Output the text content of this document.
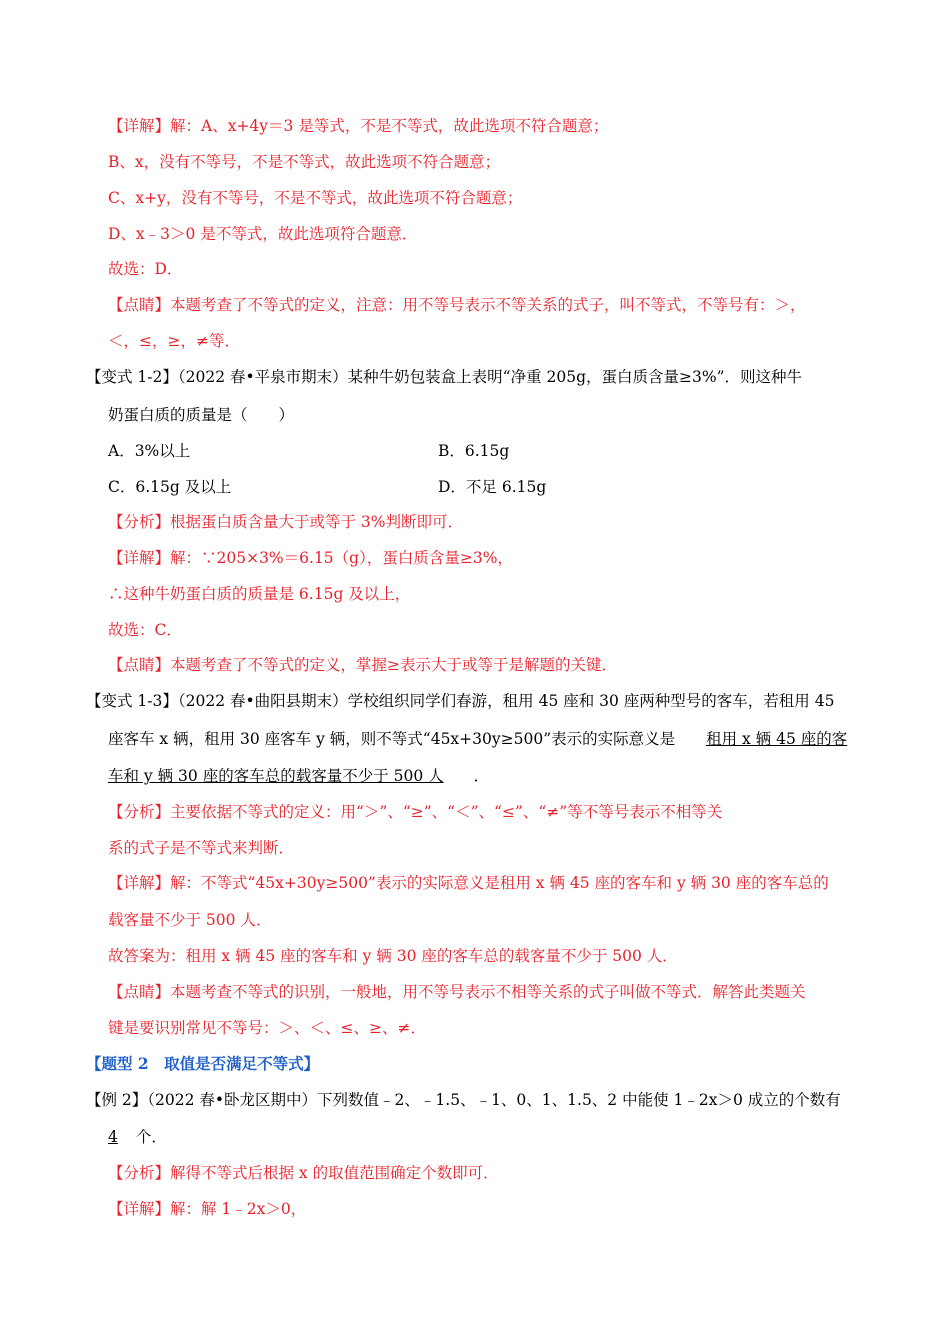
【详解】解：A、x+4y＝3 是等式，不是不等式，故此选项不符合题意；
B、x，没有不等号，不是不等式，故此选项不符合题意；
C、x+y，没有不等号，不是不等式，故此选项不符合题意；
D、x﹣3＞0 是不等式，故此选项符合题意．
故选：D．
【点睛】本题考查了不等式的定义，注意：用不等号表示不等关系的式子，叫不等式，不等号有：＞，
＜，≤，≥，≠等．
【变式 1-2】（2022 春•平泉市期末）某种牛奶包装盒上表明“净重 205g，蛋白质含量≥3%”．则这种牛
奶蛋白质的质量是（　　）
A．3%以上	B．6.15g
C．6.15g 及以上	D．不足 6.15g
【分析】根据蛋白质含量大于或等于 3%判断即可．
【详解】解：∵205×3%＝6.15（g），蛋白质含量≥3%，
∴这种牛奶蛋白质的质量是 6.15g 及以上，
故选：C．
【点睛】本题考查了不等式的定义，掌握≥表示大于或等于是解题的关键．
【变式 1-3】（2022 春•曲阳县期末）学校组织同学们春游，租用 45 座和 30 座两种型号的客车，若租用 45
座客车 x 辆，租用 30 座客车 y 辆，则不等式“45x+30y≥500”表示的实际意义是 租用 x 辆 45 座的客
车和 y 辆 30 座的客车总的载客量不少于 500 人 ．
【分析】主要依据不等式的定义：用“＞”、“≥”、“＜”、“≤”、“≠”等不等号表示不相等关
系的式子是不等式来判断．
【详解】解：不等式“45x+30y≥500”表示的实际意义是租用 x 辆 45 座的客车和 y 辆 30 座的客车总的
载客量不少于 500 人．
故答案为：租用 x 辆 45 座的客车和 y 辆 30 座的客车总的载客量不少于 500 人．
【点睛】本题考查不等式的识别，一般地，用不等号表示不相等关系的式子叫做不等式．解答此类题关
键是要识别常见不等号：＞、＜、≤、≥、≠．
【题型 2　取值是否满足不等式】
【例 2】（2022 春•卧龙区期中）下列数值﹣2、﹣1.5、﹣1、0、1、1.5、2 中能使 1﹣2x＞0 成立的个数有
4 个．
【分析】解得不等式后根据 x 的取值范围确定个数即可．
【详解】解：解 1﹣2x＞0，
